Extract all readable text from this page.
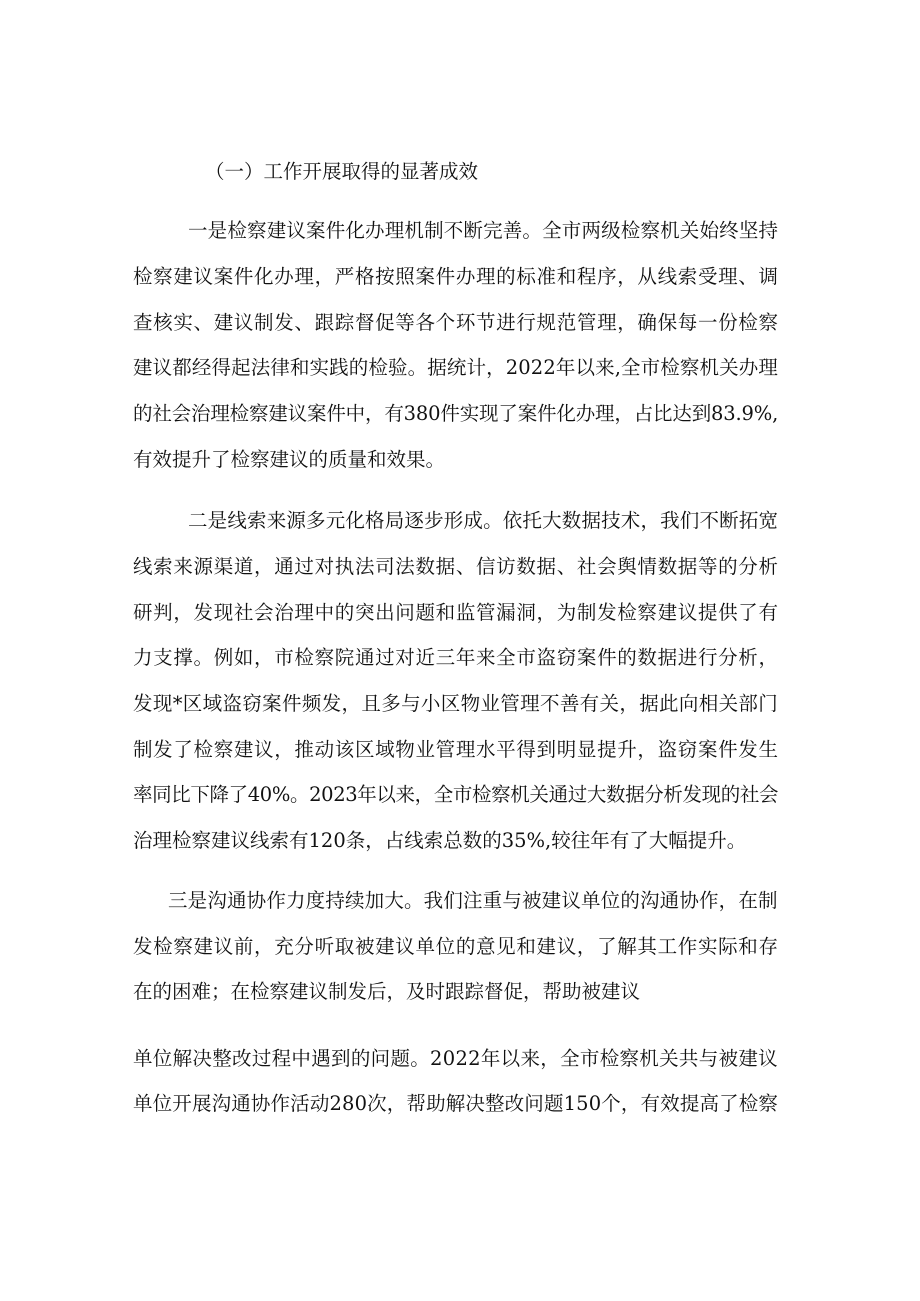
（一）工作开展取得的显著成效
一是检察建议案件化办理机制不断完善。全市两级检察机关始终坚持
检察建议案件化办理，严格按照案件办理的标准和程序，从线索受理、调
查核实、建议制发、跟踪督促等各个环节进行规范管理，确保每一份检察
建议都经得起法律和实践的检验。据统计，2022年以来,全市检察机关办理
的社会治理检察建议案件中，有380件实现了案件化办理，占比达到83.9%,
有效提升了检察建议的质量和效果。
二是线索来源多元化格局逐步形成。依托大数据技术，我们不断拓宽
线索来源渠道，通过对执法司法数据、信访数据、社会舆情数据等的分析
研判，发现社会治理中的突出问题和监管漏洞，为制发检察建议提供了有
力支撑。例如，市检察院通过对近三年来全市盗窃案件的数据进行分析，
发现*区域盗窃案件频发，且多与小区物业管理不善有关，据此向相关部门
制发了检察建议，推动该区域物业管理水平得到明显提升，盗窃案件发生
率同比下降了40%。2023年以来，全市检察机关通过大数据分析发现的社会
治理检察建议线索有120条，占线索总数的35%,较往年有了大幅提升。
三是沟通协作力度持续加大。我们注重与被建议单位的沟通协作，在制
发检察建议前，充分听取被建议单位的意见和建议，了解其工作实际和存
在的困难；在检察建议制发后，及时跟踪督促，帮助被建议
单位解决整改过程中遇到的问题。2022年以来，全市检察机关共与被建议
单位开展沟通协作活动280次，帮助解决整改问题150个，有效提高了检察
